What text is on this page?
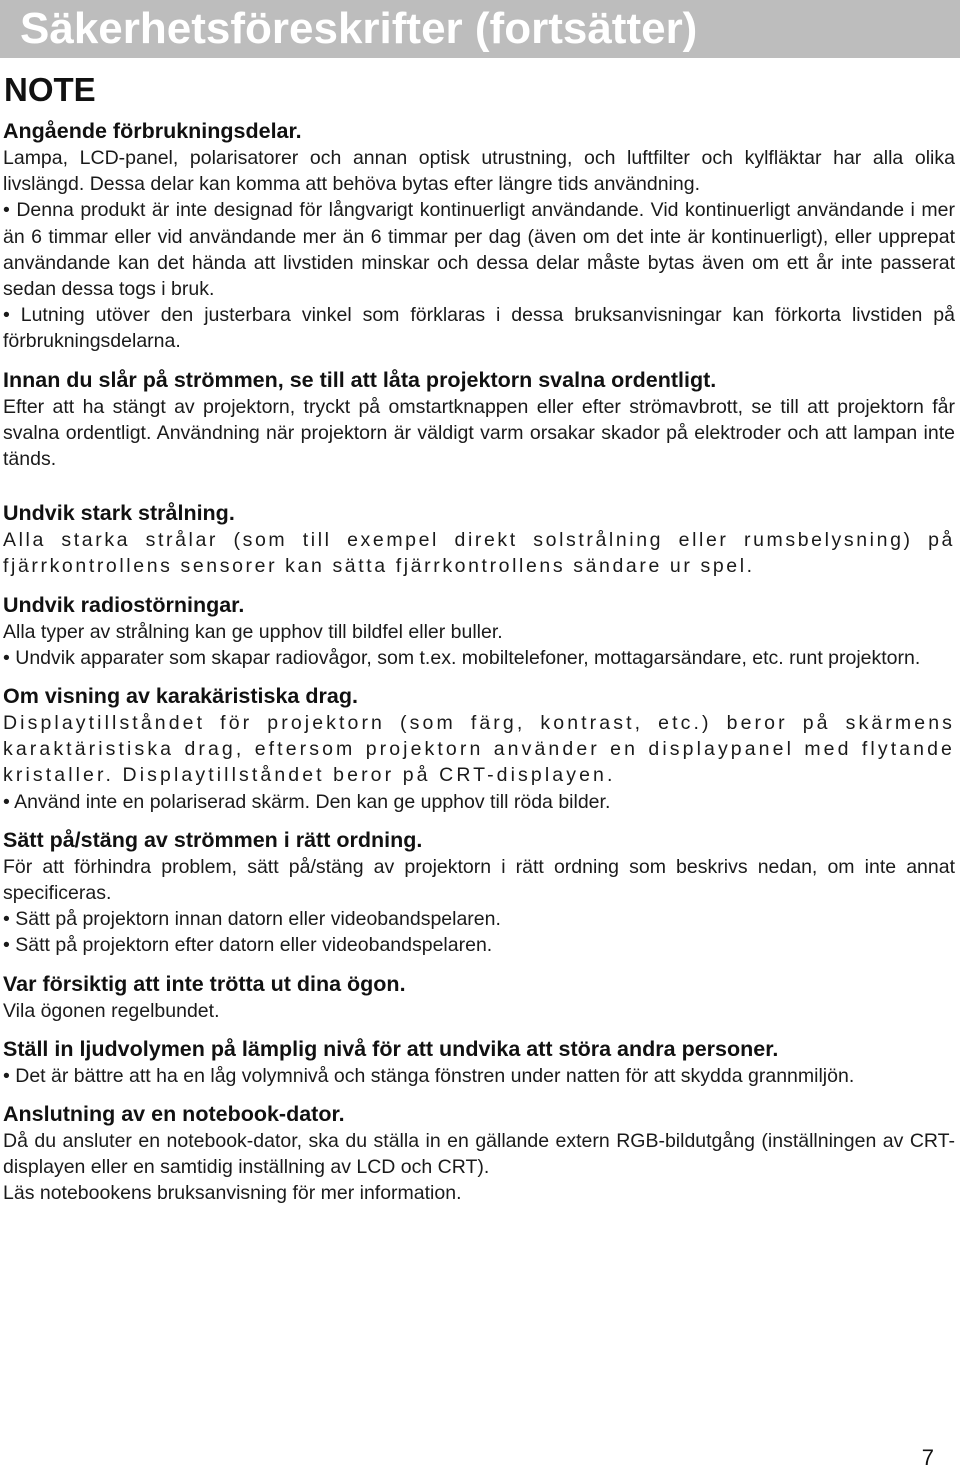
Säkerhetsföreskrifter (fortsätter)
NOTE
Angående förbrukningsdelar.

Lampa, LCD-panel, polarisatorer och annan optisk utrustning, och luftfilter och kylfläktar har alla olika livslängd. Dessa delar kan komma att behöva bytas efter längre tids användning.

• Denna produkt är inte designad för långvarigt kontinuerligt användande. Vid kontinuerligt användande i mer än 6 timmar eller vid användande mer än 6 timmar per dag (även om det inte är kontinuerligt), eller upprepat användande kan det hända att livstiden minskar och dessa delar måste bytas även om ett år inte passerat sedan dessa togs i bruk.

• Lutning utöver den justerbara vinkel som förklaras i dessa bruksanvisningar kan förkorta livstiden på förbrukningsdelarna.

Innan du slår på strömmen, se till att låta projektorn svalna ordentligt.

Efter att ha stängt av projektorn, tryckt på omstartknappen eller efter strömavbrott, se till att projektorn får svalna ordentligt. Användning när projektorn är väldigt varm orsakar skador på elektroder och att lampan inte tänds.

Undvik stark strålning.

Alla starka strålar (som till exempel direkt solstrålning eller rumsbelysning) på fjärrkontrollens sensorer kan sätta fjärrkontrollens sändare ur spel.

Undvik radiostörningar.

Alla typer av strålning kan ge upphov till bildfel eller buller.

• Undvik apparater som skapar radiovågor, som t.ex. mobiltelefoner, mottagarsändare, etc. runt projektorn.

Om visning av karakäristiska drag.

Displaytillståndet för projektorn (som färg, kontrast, etc.) beror på skärmens karaktäristiska drag, eftersom projektorn använder en displaypanel med flytande kristaller. Displaytillståndet beror på CRT-displayen.

• Använd inte en polariserad skärm. Den kan ge upphov till röda bilder.

Sätt på/stäng av strömmen i rätt ordning.

För att förhindra problem, sätt på/stäng av projektorn i rätt ordning som beskrivs nedan, om inte annat specificeras.

• Sätt på projektorn innan datorn eller videobandspelaren.

• Sätt på projektorn efter datorn eller videobandspelaren.

Var försiktig att inte trötta ut dina ögon.

Vila ögonen regelbundet.

Ställ in ljudvolymen på lämplig nivå för att undvika att störa andra personer.

• Det är bättre att ha en låg volymnivå och stänga fönstren under natten för att skydda grannmiljön.

Anslutning av en notebook-dator.

Då du ansluter en notebook-dator, ska du ställa in en gällande extern RGB-bildutgång (inställningen av CRT-displayen eller en samtidig inställning av LCD och CRT).

Läs notebookens bruksanvisning för mer information.

7
